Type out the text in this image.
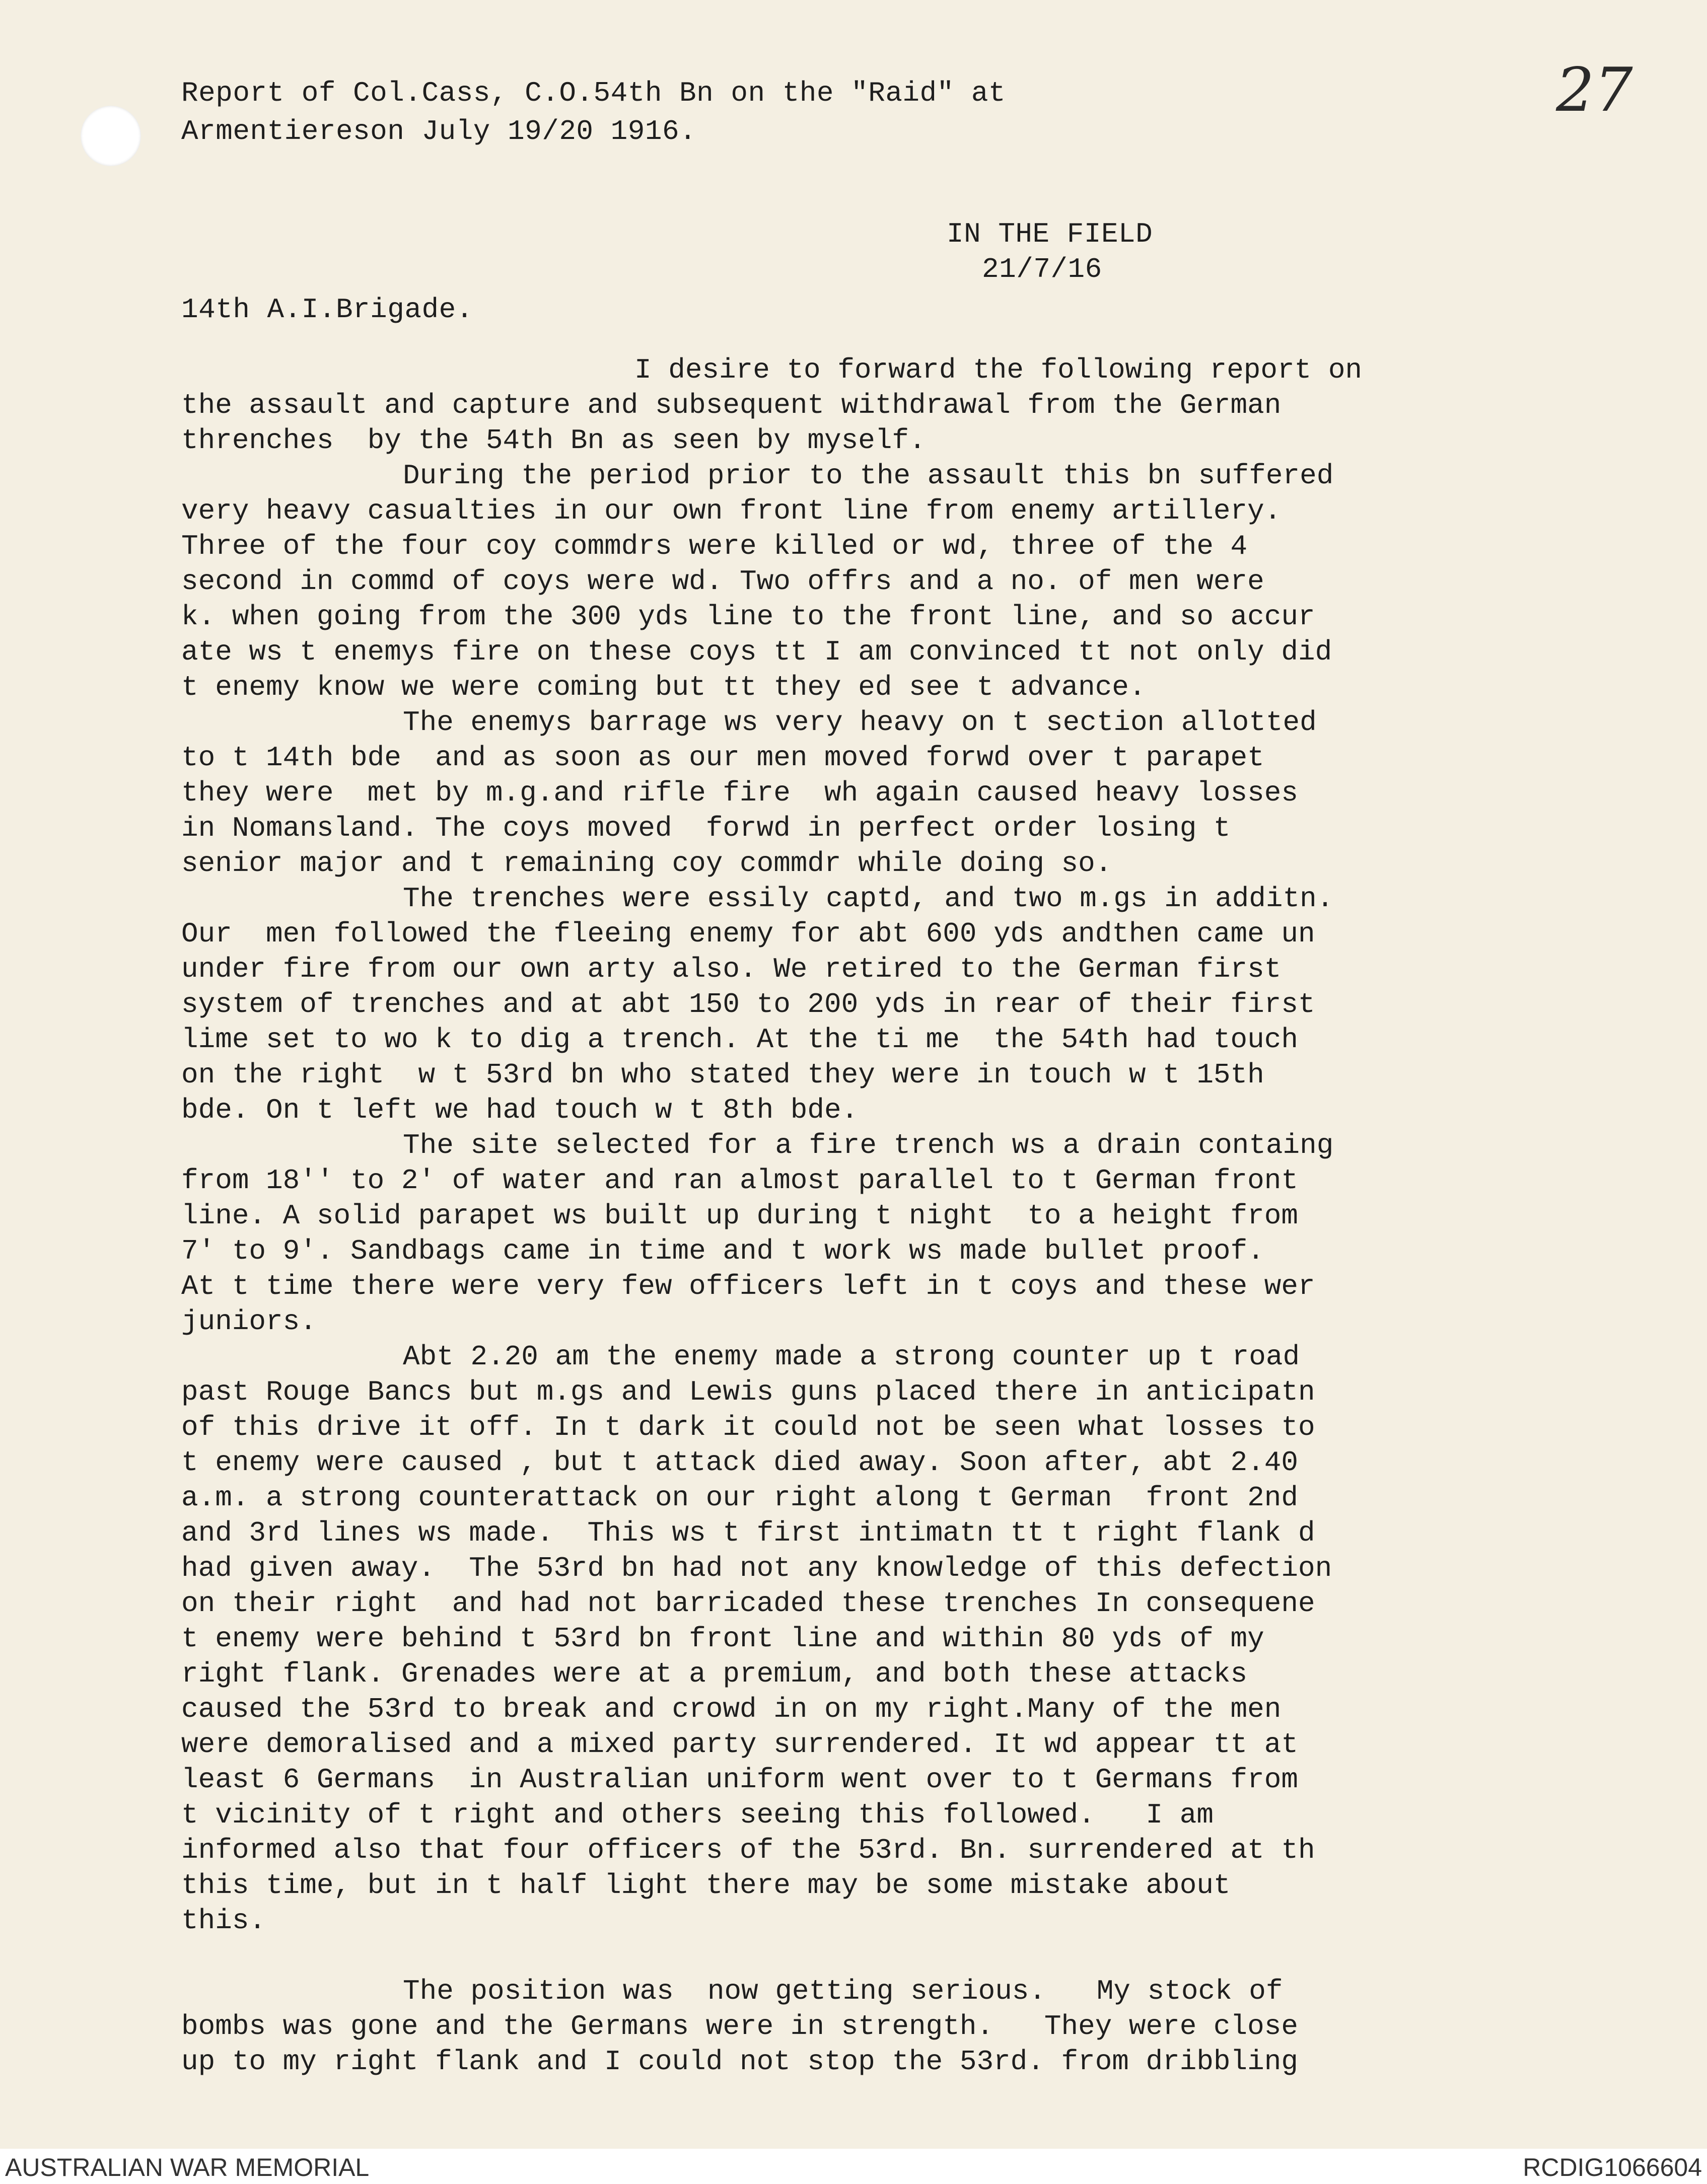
27
Report of Col.Cass, C.O.54th Bn on the "Raid" at
Armentiereson July 19/20 1916.
IN THE FIELD
21/7/16
14th A.I.Brigade.
I desire to forward the following report on
the assault and capture and subsequent withdrawal from the German
threnches  by the 54th Bn as seen by myself.
During the period prior to the assault this bn suffered
very heavy casualties in our own front line from enemy artillery.
Three of the four coy commdrs were killed or wd, three of the 4
second in commd of coys were wd. Two offrs and a no. of men were
k. when going from the 300 yds line to the front line, and so accur
ate ws t enemys fire on these coys tt I am convinced tt not only did
t enemy know we were coming but tt they ed see t advance.
The enemys barrage ws very heavy on t section allotted
to t 14th bde  and as soon as our men moved forwd over t parapet
they were  met by m.g.and rifle fire  wh again caused heavy losses
in Nomansland. The coys moved  forwd in perfect order losing t
senior major and t remaining coy commdr while doing so.
The trenches were essily captd, and two m.gs in additn.
Our  men followed the fleeing enemy for abt 600 yds andthen came un
under fire from our own arty also. We retired to the German first
system of trenches and at abt 150 to 200 yds in rear of their first
lime set to wo k to dig a trench. At the ti me  the 54th had touch
on the right  w t 53rd bn who stated they were in touch w t 15th
bde. On t left we had touch w t 8th bde.
The site selected for a fire trench ws a drain containg
from 18'' to 2' of water and ran almost parallel to t German front
line. A solid parapet ws built up during t night  to a height from
7' to 9'. Sandbags came in time and t work ws made bullet proof.
At t time there were very few officers left in t coys and these wer
juniors.
Abt 2.20 am the enemy made a strong counter up t road
past Rouge Bancs but m.gs and Lewis guns placed there in anticipatn
of this drive it off. In t dark it could not be seen what losses to
t enemy were caused , but t attack died away. Soon after, abt 2.40
a.m. a strong counterattack on our right along t German  front 2nd
and 3rd lines ws made.  This ws t first intimatn tt t right flank d
had given away.  The 53rd bn had not any knowledge of this defection
on their right  and had not barricaded these trenches In consequene
t enemy were behind t 53rd bn front line and within 80 yds of my
right flank. Grenades were at a premium, and both these attacks
caused the 53rd to break and crowd in on my right.Many of the men
were demoralised and a mixed party surrendered. It wd appear tt at
least 6 Germans  in Australian uniform went over to t Germans from
t vicinity of t right and others seeing this followed.   I am
informed also that four officers of the 53rd. Bn. surrendered at th
this time, but in t half light there may be some mistake about
this.
The position was  now getting serious.   My stock of
bombs was gone and the Germans were in strength.   They were close
up to my right flank and I could not stop the 53rd. from dribbling
AUSTRALIAN WAR MEMORIAL	RCDIG1066604
